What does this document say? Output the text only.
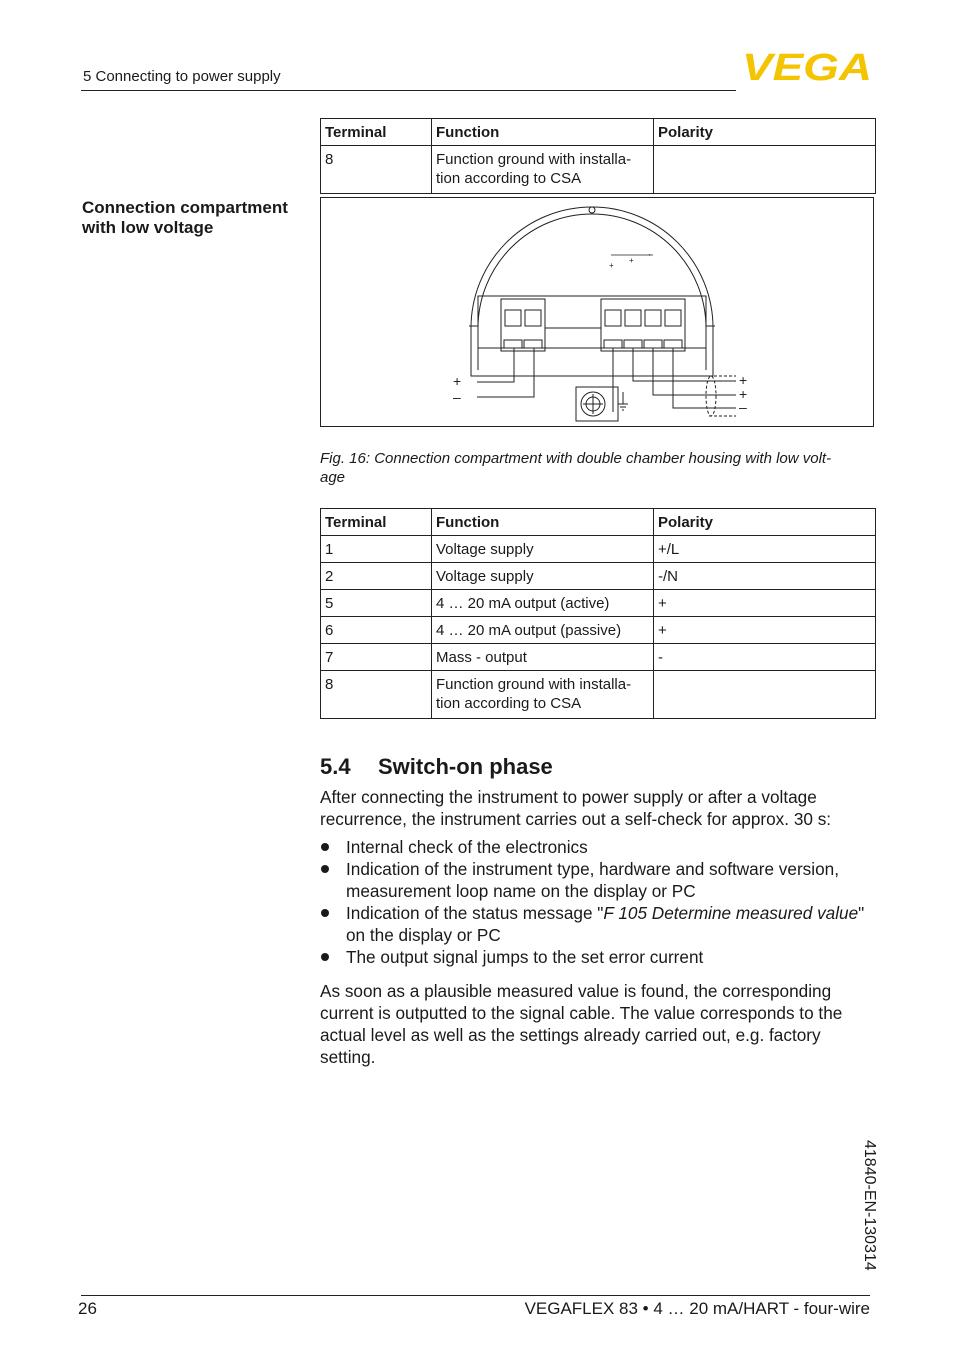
5 Connecting to power supply	VEGA
Connection compartment
with low voltage
Terminal	Function	Polarity
8	Function ground with installa-
tion according to CSA	

+
+ '
+
–
+
+
–
Fig. 16: Connection compartment with double chamber housing with low volt-
age
Terminal	Function	Polarity
1	Voltage supply	+/L
2	Voltage supply	-/N
5	4 … 20 mA output (active)	+
6	4 … 20 mA output (passive)	+
7	Mass - output	-
8	Function ground with installa-
tion according to CSA	

5.4 Switch-on phase
After connecting the instrument to power supply or after a voltage recurrence, the instrument carries out a self-check for approx. 30 s:
Internal check of the electronics
Indication of the instrument type, hardware and software version, measurement loop name on the display or PC
Indication of the status message "F 105 Determine measured value" on the display or PC
The output signal jumps to the set error current
As soon as a plausible measured value is found, the corresponding current is outputted to the signal cable. The value corresponds to the actual level as well as the settings already carried out, e.g. factory setting.
41840-EN-130314
26	VEGAFLEX 83 • 4 … 20 mA/HART - four-wire
